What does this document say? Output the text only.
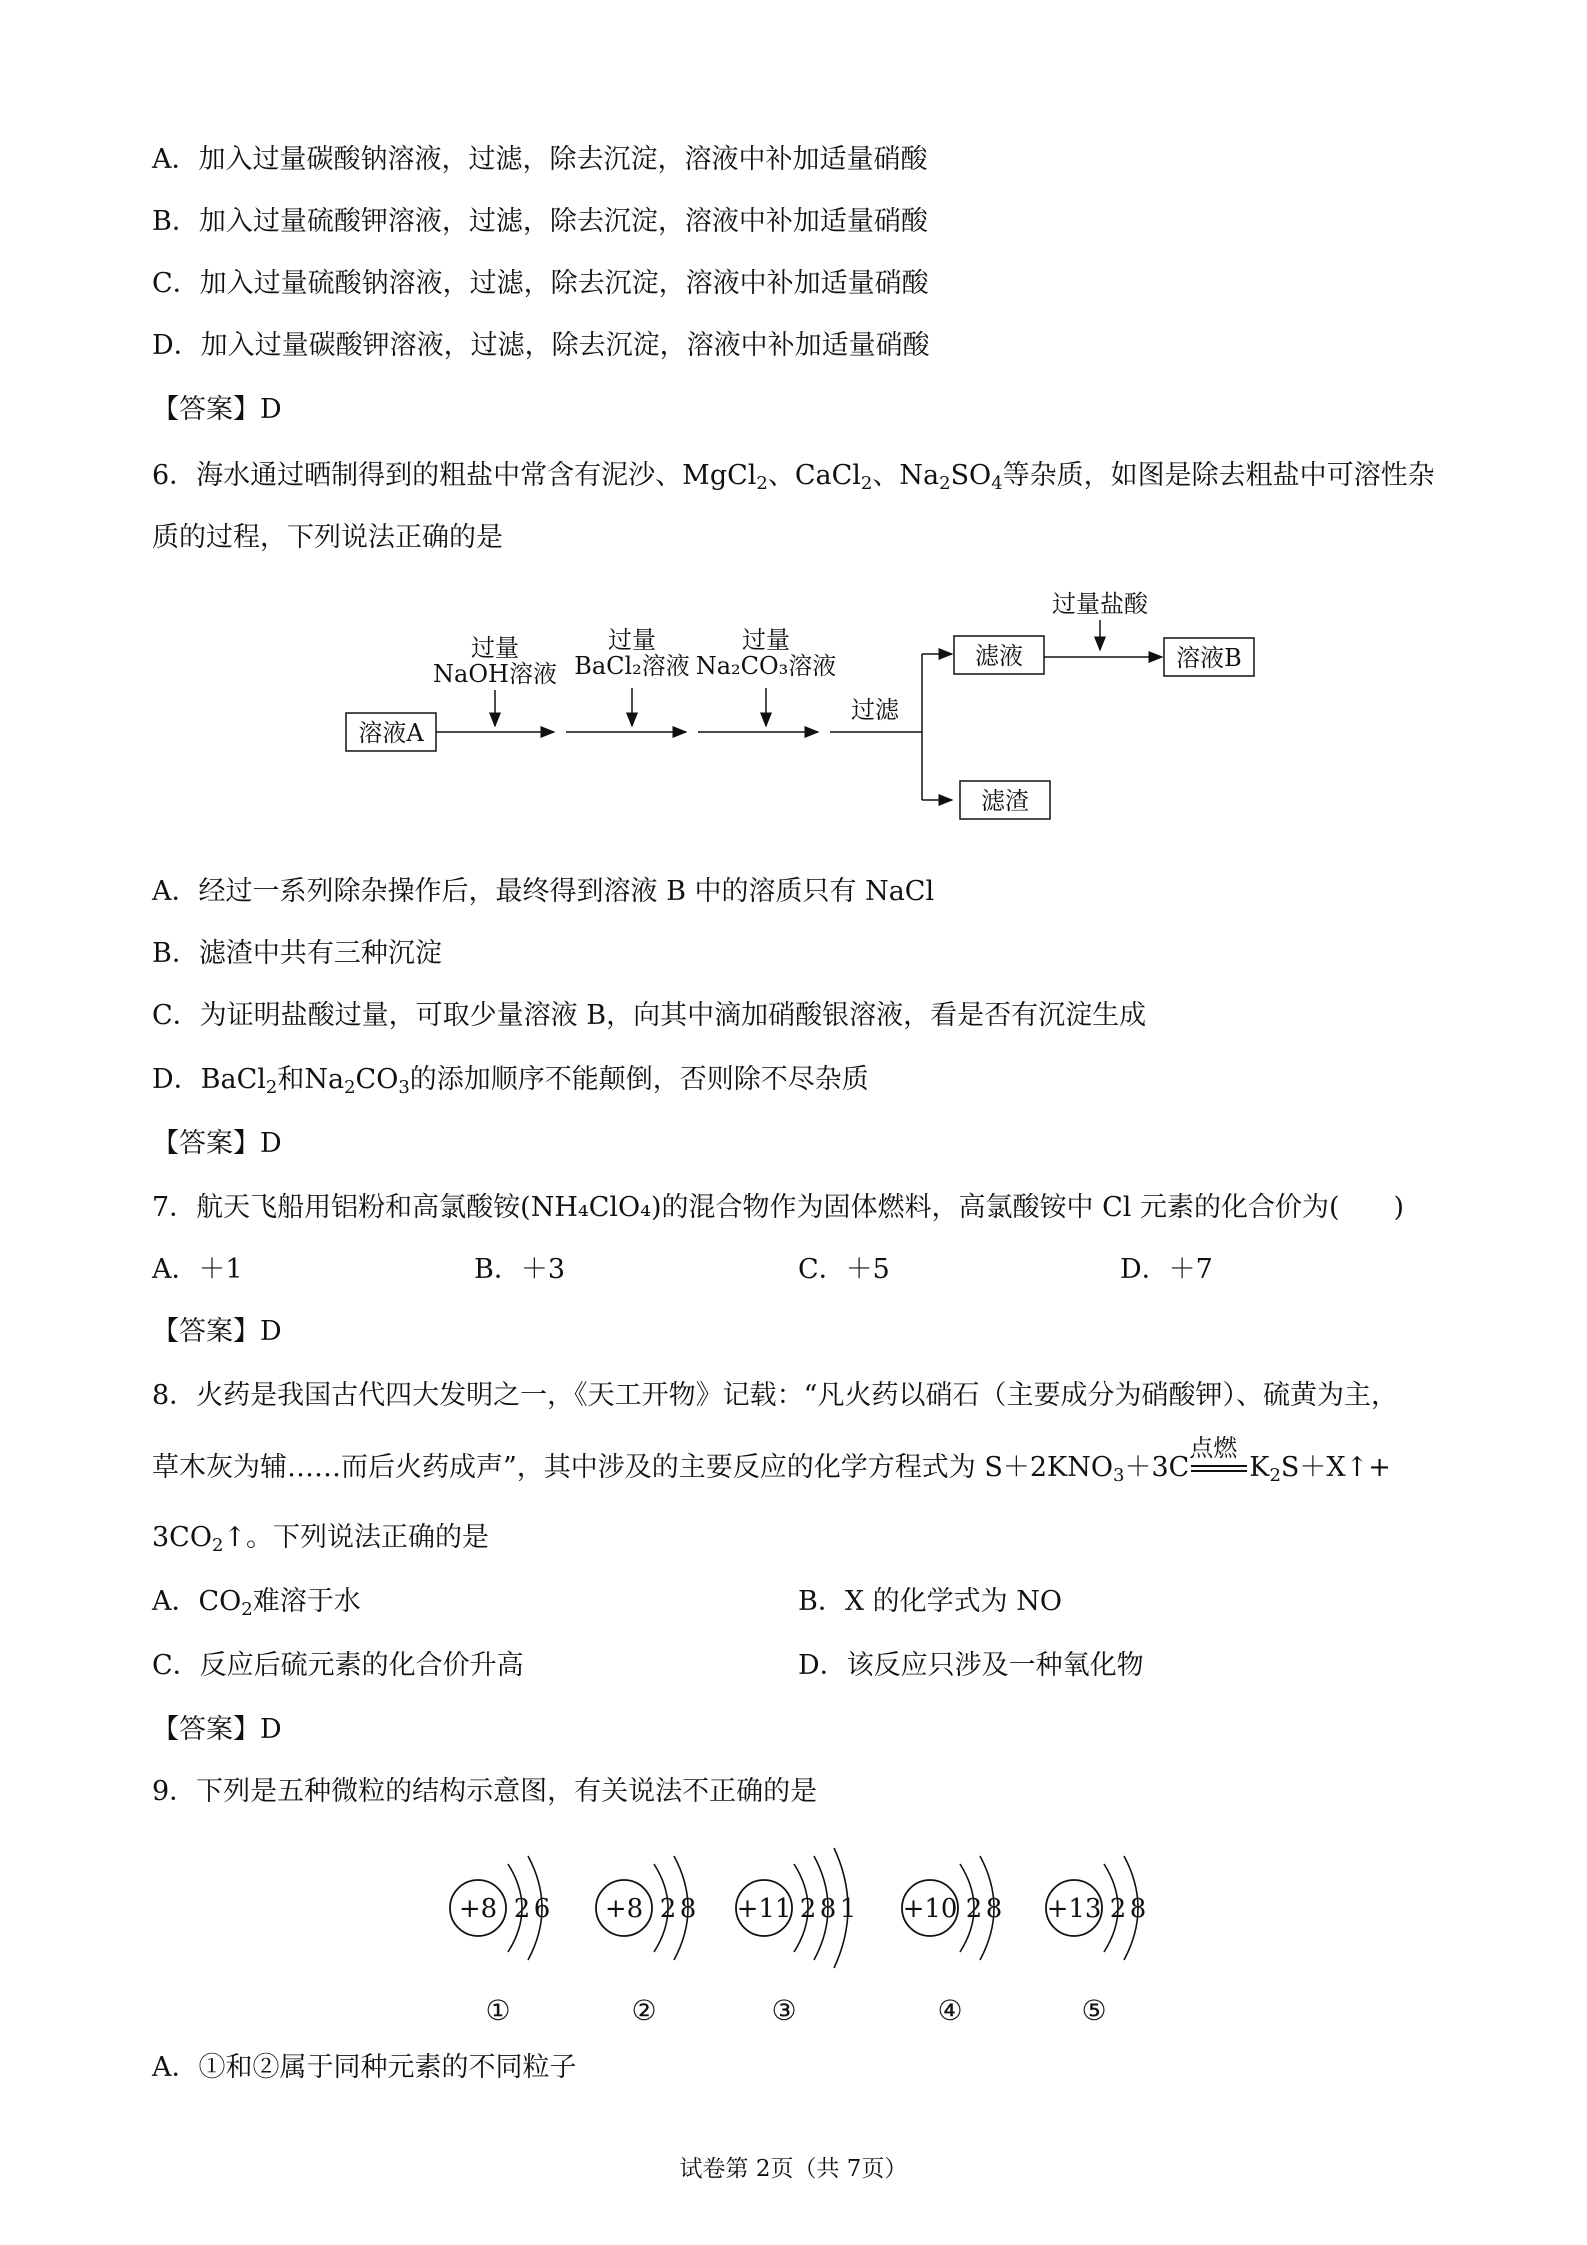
A．加入过量碳酸钠溶液，过滤，除去沉淀，溶液中补加适量硝酸
B．加入过量硫酸钾溶液，过滤，除去沉淀，溶液中补加适量硝酸
C．加入过量硫酸钠溶液，过滤，除去沉淀，溶液中补加适量硝酸
D．加入过量碳酸钾溶液，过滤，除去沉淀，溶液中补加适量硝酸
【答案】D
6．海水通过晒制得到的粗盐中常含有泥沙、MgCl$_2$、CaCl$_2$、$Na_2SO_4$等杂质，如图是除去粗盐中可溶性杂
质的过程，下列说法正确的是
溶液A
过量
NaOH溶液
过量
BaCl₂溶液
过量
Na₂CO₃溶液
过滤
滤液
滤渣
过量盐酸
溶液B
A．经过一系列除杂操作后，最终得到溶液 B 中的溶质只有 NaCl
B．滤渣中共有三种沉淀
C．为证明盐酸过量，可取少量溶液 B，向其中滴加硝酸银溶液，看是否有沉淀生成
D．BaCl$_2$和$Na_2CO_3$的添加顺序不能颠倒，否则除不尽杂质
【答案】D
7．航天飞船用铝粉和高氯酸铵(NH₄ClO₄)的混合物作为固体燃料，高氯酸铵中 Cl 元素的化合价为(　　)
A．＋1	B．＋3	C．＋5	D．＋7
【答案】D
8．火药是我国古代四大发明之一，《天工开物》记载：“凡火药以硝石（主要成分为硝酸钾）、硫黄为主，
草木灰为辅……而后火药成声”，其中涉及的主要反应的化学方程式为 $S+2KNO_3+3C$
点燃
$K_2S+X↑+$
$3CO_2↑$。下列说法正确的是
A．$CO_2$难溶于水	B．X 的化学式为 NO
C．反应后硫元素的化合价升高	D．该反应只涉及一种氧化物
【答案】D
9．下列是五种微粒的结构示意图，有关说法不正确的是
+8 2 6
①
+8 2 8
②
+11 2 8 1
③
+10 2 8
④
+13 2 8
⑤
A．①和②属于同种元素的不同粒子
试卷第 2页（共 7页）
